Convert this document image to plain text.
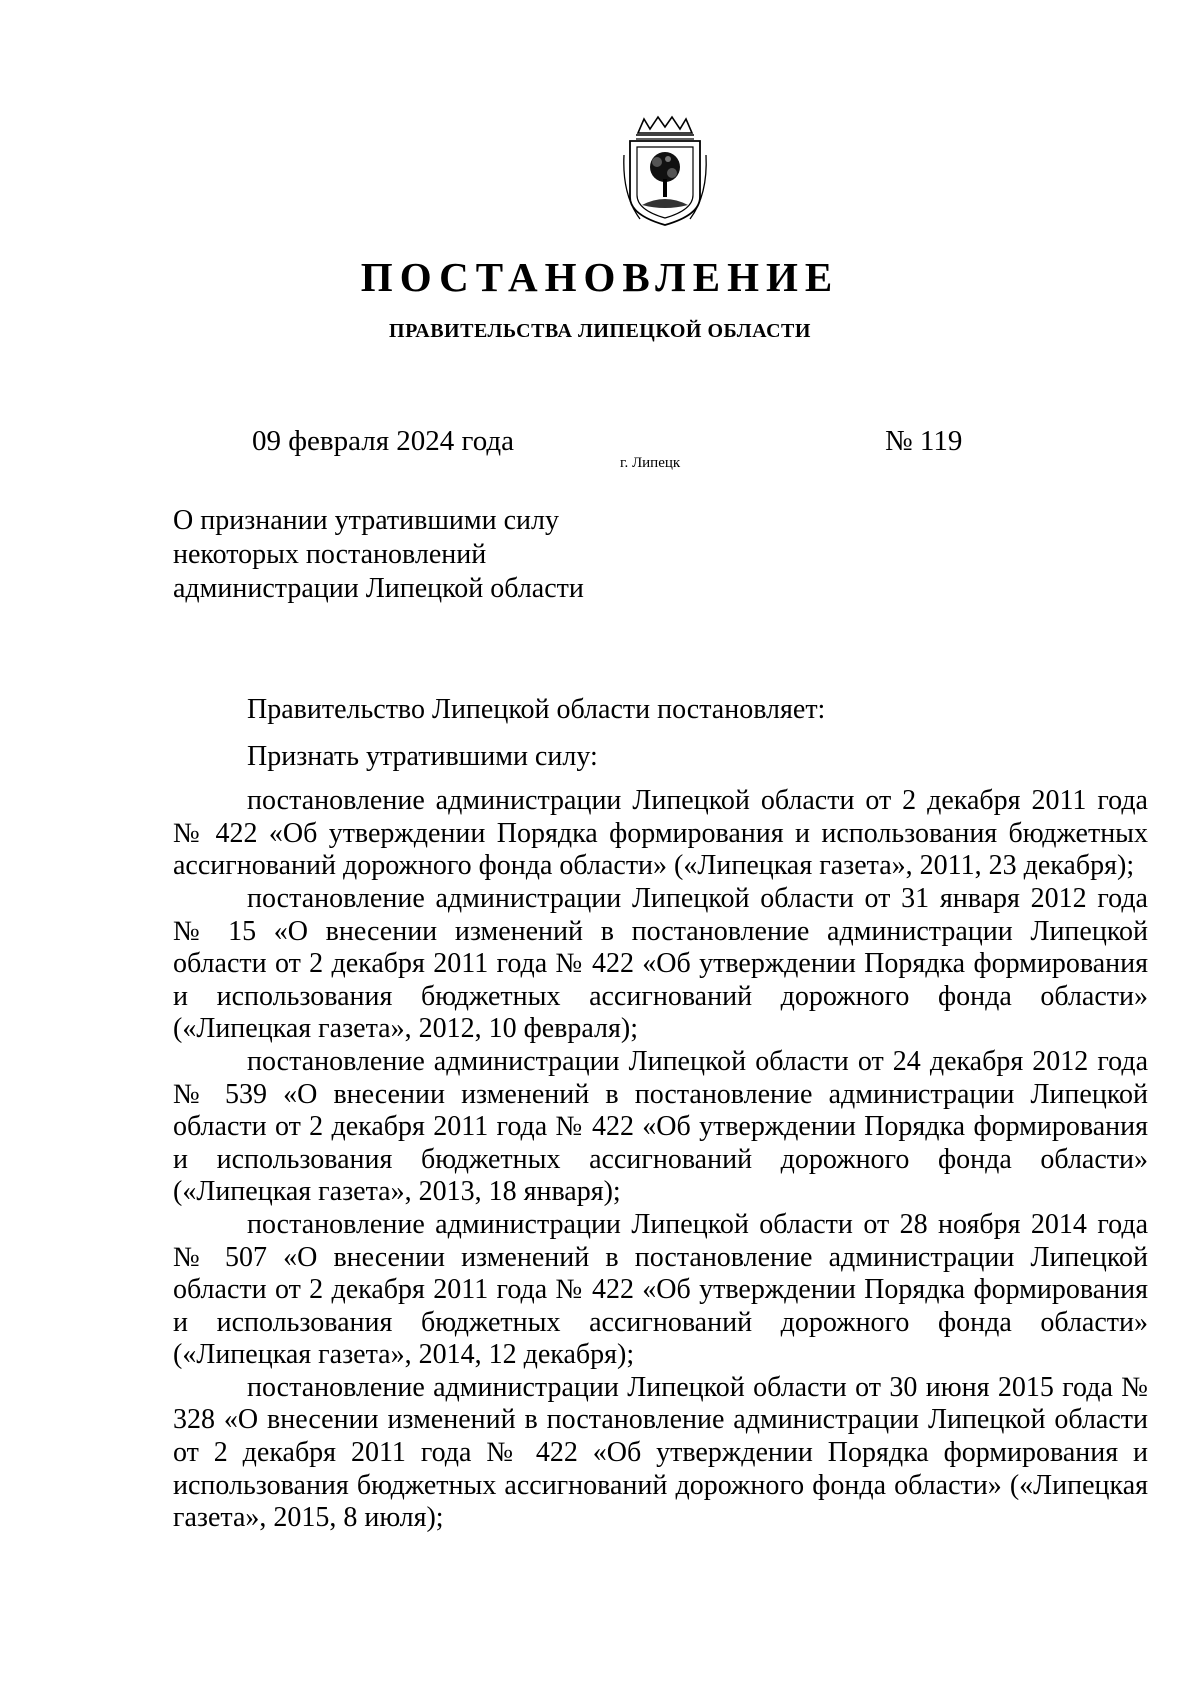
ПОСТАНОВЛЕНИЕ
ПРАВИТЕЛЬСТВА ЛИПЕЦКОЙ ОБЛАСТИ
09 февраля 2024 года
г. Липецк
№ 119
О признании утратившими силу
некоторых постановлений
администрации Липецкой области

Правительство Липецкой области постановляет:

Признать утратившими силу:

постановление администрации Липецкой области от 2 декабря 2011 года № 422 «Об утверждении Порядка формирования и использования бюджетных ассигнований дорожного фонда области» («Липецкая газета», 2011, 23 декабря);

постановление администрации Липецкой области от 31 января 2012 года № 15 «О внесении изменений в постановление администрации Липецкой области от 2 декабря 2011 года № 422 «Об утверждении Порядка формирования и использования бюджетных ассигнований дорожного фонда области» («Липецкая газета», 2012, 10 февраля);

постановление администрации Липецкой области от 24 декабря 2012 года № 539 «О внесении изменений в постановление администрации Липецкой области от 2 декабря 2011 года № 422 «Об утверждении Порядка формирования и использования бюджетных ассигнований дорожного фонда области» («Липецкая газета», 2013, 18 января);

постановление администрации Липецкой области от 28 ноября 2014 года № 507 «О внесении изменений в постановление администрации Липецкой области от 2 декабря 2011 года № 422 «Об утверждении Порядка формирования и использования бюджетных ассигнований дорожного фонда области» («Липецкая газета», 2014, 12 декабря);

постановление администрации Липецкой области от 30 июня 2015 года № 328 «О внесении изменений в постановление администрации Липецкой области от 2 декабря 2011 года № 422 «Об утверждении Порядка формирования и использования бюджетных ассигнований дорожного фонда области» («Липецкая газета», 2015, 8 июля);
